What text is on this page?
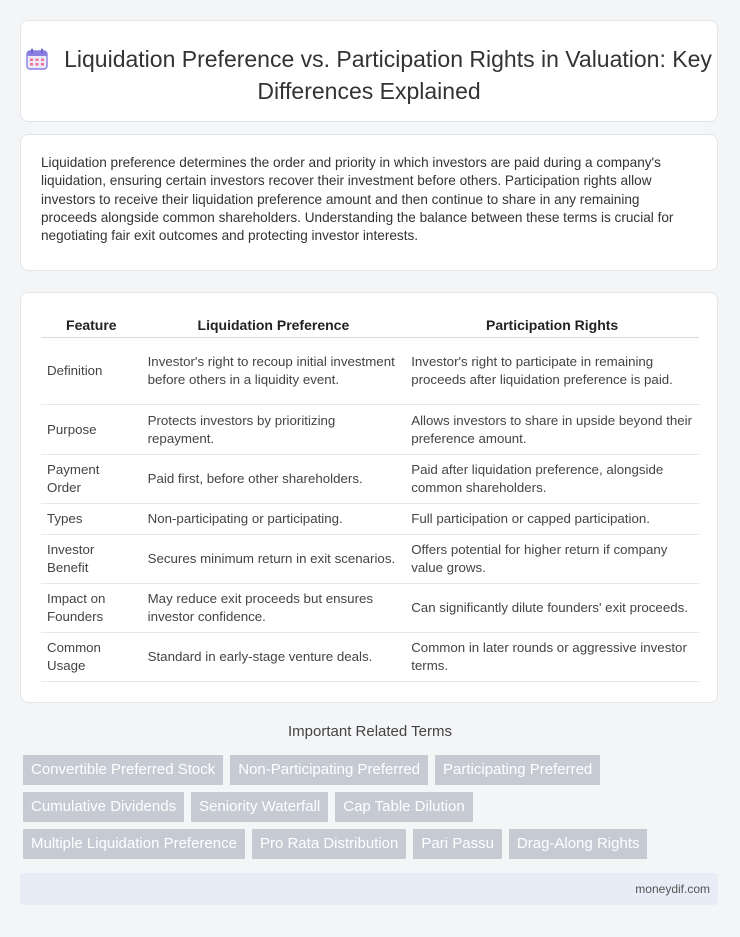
Liquidation Preference vs. Participation Rights in Valuation: Key Differences Explained
Liquidation preference determines the order and priority in which investors are paid during a company's liquidation, ensuring certain investors recover their investment before others. Participation rights allow investors to receive their liquidation preference amount and then continue to share in any remaining proceeds alongside common shareholders. Understanding the balance between these terms is crucial for negotiating fair exit outcomes and protecting investor interests.
Feature	Liquidation Preference	Participation Rights
Definition	Investor's right to recoup initial investment before others in a liquidity event.	Investor's right to participate in remaining proceeds after liquidation preference is paid.
Purpose	Protects investors by prioritizing repayment.	Allows investors to share in upside beyond their preference amount.
Payment Order	Paid first, before other shareholders.	Paid after liquidation preference, alongside common shareholders.
Types	Non-participating or participating.	Full participation or capped participation.
Investor Benefit	Secures minimum return in exit scenarios.	Offers potential for higher return if company value grows.
Impact on Founders	May reduce exit proceeds but ensures investor confidence.	Can significantly dilute founders' exit proceeds.
Common Usage	Standard in early-stage venture deals.	Common in later rounds or aggressive investor terms.
Important Related Terms
Convertible Preferred Stock	Non-Participating Preferred	Participating Preferred
Cumulative Dividends	Seniority Waterfall	Cap Table Dilution
Multiple Liquidation Preference	Pro Rata Distribution	Pari Passu	Drag-Along Rights
moneydif.com
